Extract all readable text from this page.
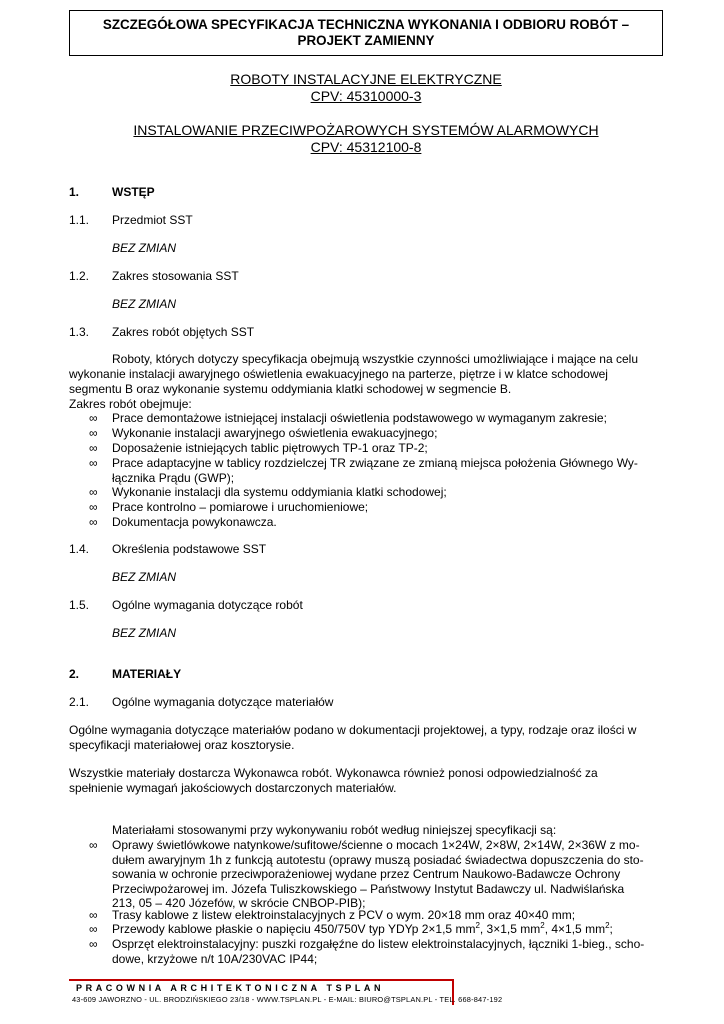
SZCZEGÓŁOWA SPECYFIKACJA TECHNICZNA WYKONANIA I ODBIORU ROBÓT –
PROJEKT ZAMIENNY
ROBOTY INSTALACYJNE ELEKTRYCZNE
CPV: 45310000-3
INSTALOWANIE PRZECIWPOŻAROWYCH SYSTEMÓW ALARMOWYCH
CPV: 45312100-8
1.	WSTĘP
1.1. Przedmiot SST
BEZ ZMIAN
1.2. Zakres stosowania SST
BEZ ZMIAN
1.3. Zakres robót objętych SST
Roboty, których dotyczy specyfikacja obejmują wszystkie czynności umożliwiające i mające na celu
wykonanie instalacji awaryjnego oświetlenia ewakuacyjnego na parterze, piętrze i w klatce schodowej
segmentu B oraz wykonanie systemu oddymiania klatki schodowej w segmencie B.
Zakres robót obejmuje:
∞	Prace demontażowe istniejącej instalacji oświetlenia podstawowego w wymaganym zakresie;
∞	Wykonanie instalacji awaryjnego oświetlenia ewakuacyjnego;
∞	Doposażenie istniejących tablic piętrowych TP-1 oraz TP-2;
∞	Prace adaptacyjne w tablicy rozdzielczej TR związane ze zmianą miejsca położenia Głównego Wy-
łącznika Prądu (GWP);
∞	Wykonanie instalacji dla systemu oddymiania klatki schodowej;
∞	Prace kontrolno – pomiarowe i uruchomieniowe;
∞	Dokumentacja powykonawcza.
1.4. Określenia podstawowe SST
BEZ ZMIAN
1.5. Ogólne wymagania dotyczące robót
BEZ ZMIAN
2.	MATERIAŁY
2.1. Ogólne wymagania dotyczące materiałów
Ogólne wymagania dotyczące materiałów podano w dokumentacji projektowej, a typy, rodzaje oraz ilości w
specyfikacji materiałowej oraz kosztorysie.
Wszystkie materiały dostarcza Wykonawca robót. Wykonawca również ponosi odpowiedzialność za
spełnienie wymagań jakościowych dostarczonych materiałów.
Materiałami stosowanymi przy wykonywaniu robót według niniejszej specyfikacji są:
∞	Oprawy świetlówkowe natynkowe/sufitowe/ścienne o mocach 1×24W, 2×8W, 2×14W, 2×36W z mo-
dułem awaryjnym 1h z funkcją autotestu (oprawy muszą posiadać świadectwa dopuszczenia do sto-
sowania w ochronie przeciwporażeniowej wydane przez Centrum Naukowo-Badawcze Ochrony
Przeciwpożarowej im. Józefa Tuliszkowskiego – Państwowy Instytut Badawczy ul. Nadwiślańska
213, 05 – 420 Józefów, w skrócie CNBOP-PIB);
∞	Trasy kablowe z listew elektroinstalacyjnych z PCV o wym. 20×18 mm oraz 40×40 mm;
∞	Przewody kablowe płaskie o napięciu 450/750V typ YDYp 2×1,5 $mm^2$, 3×1,5 $mm^2$, 4×1,5 $mm^2$;
∞	Osprzęt elektroinstalacyjny: puszki rozgałęźne do listew elektroinstalacyjnych, łączniki 1-bieg., scho-
dowe, krzyżowe n/t 10A/230VAC IP44;
PRACOWNIA ARCHITEKTONICZNA TSPLAN
43-609 JAWORZNO - UL. BRODZIŃSKIEGO 23/18 - WWW.TSPLAN.PL - E-MAIL: BIURO@TSPLAN.PL - TEL. 668-847-192
